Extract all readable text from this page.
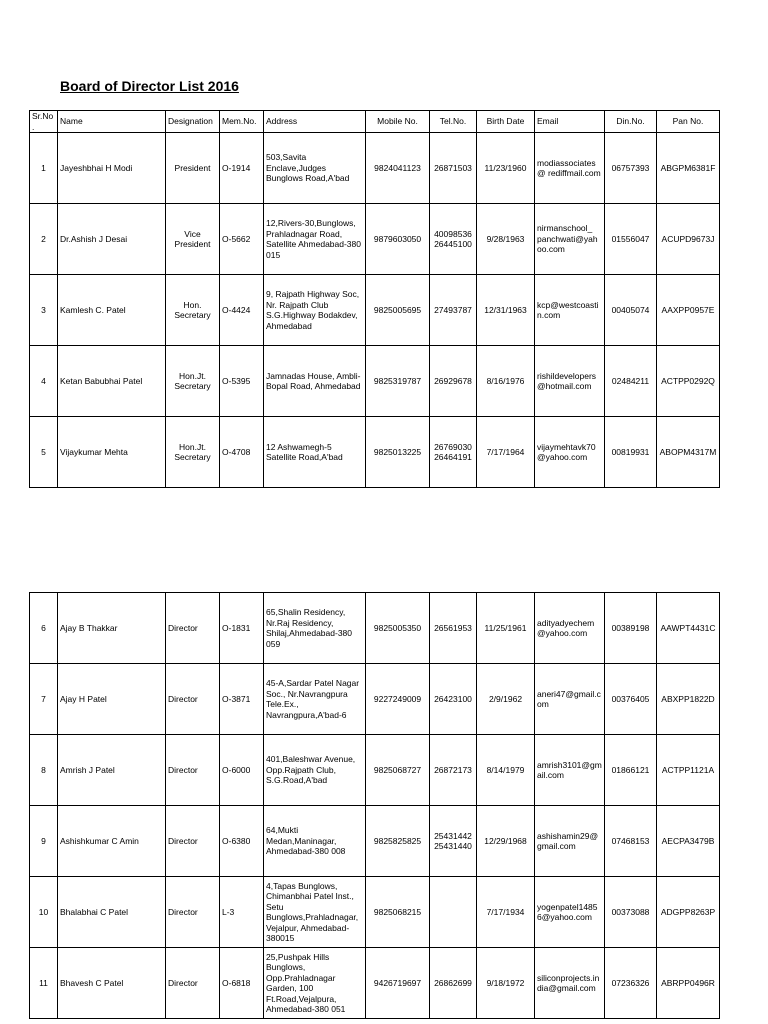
Board of Director List 2016
Sr.No.	Name	Designation	Mem.No.	Address	Mobile No.	Tel.No.	Birth Date	Email	Din.No.	Pan No.
1	Jayeshbhai H Modi	President	O-1914	503,Savita Enclave,Judges Bunglows Road,A'bad	9824041123	26871503	11/23/1960	modiassociates @ rediffmail.com	06757393	ABGPM6381F
2	Dr.Ashish J Desai	Vice President	O-5662	12,Rivers-30,Bunglows, Prahladnagar Road, Satellite Ahmedabad-380 015	9879603050	40098536 26445100	9/28/1963	nirmanschool_ panchwati@yahoo.com	01556047	ACUPD9673J
3	Kamlesh C. Patel	Hon. Secretary	O-4424	9, Rajpath Highway Soc, Nr. Rajpath Club S.G.Highway Bodakdev, Ahmedabad	9825005695	27493787	12/31/1963	kcp@westcoastin.com	00405074	AAXPP0957E
4	Ketan Babubhai Patel	Hon.Jt. Secretary	O-5395	Jamnadas House, Ambli-Bopal Road, Ahmedabad	9825319787	26929678	8/16/1976	rishildevelopers @hotmail.com	02484211	ACTPP0292Q
5	Vijaykumar Mehta	Hon.Jt. Secretary	O-4708	12 Ashwamegh-5 Satellite Road,A'bad	9825013225	26769030 26464191	7/17/1964	vijaymehtavk70 @yahoo.com	00819931	ABOPM4317M
6	Ajay B Thakkar	Director	O-1831	65,Shalin Residency, Nr.Raj Residency, Shilaj,Ahmedabad-380 059	9825005350	26561953	11/25/1961	adityadyechem @yahoo.com	00389198	AAWPT4431C
7	Ajay H Patel	Director	O-3871	45-A,Sardar Patel Nagar Soc., Nr.Navrangpura Tele.Ex., Navrangpura,A'bad-6	9227249009	26423100	2/9/1962	aneri47@gmail.com	00376405	ABXPP1822D
8	Amrish J Patel	Director	O-6000	401,Baleshwar Avenue, Opp.Rajpath Club, S.G.Road,A'bad	9825068727	26872173	8/14/1979	amrish3101@gmail.com	01866121	ACTPP1121A
9	Ashishkumar C Amin	Director	O-6380	64,Mukti Medan,Maninagar, Ahmedabad-380 008	9825825825	25431442 25431440	12/29/1968	ashishamin29@gmail.com	07468153	AECPA3479B
10	Bhalabhai C Patel	Director	L-3	4,Tapas Bunglows, Chimanbhai Patel Inst., Setu Bunglows,Prahladnagar, Vejalpur, Ahmedabad-380015	9825068215		7/17/1934	yogenpatel14856@yahoo.com	00373088	ADGPP8263P
11	Bhavesh C Patel	Director	O-6818	25,Pushpak Hills Bunglows, Opp.Prahladnagar Garden, 100 Ft.Road,Vejalpura, Ahmedabad-380 051	9426719697	26862699	9/18/1972	siliconprojects.india@gmail.com	07236326	ABRPP0496R
